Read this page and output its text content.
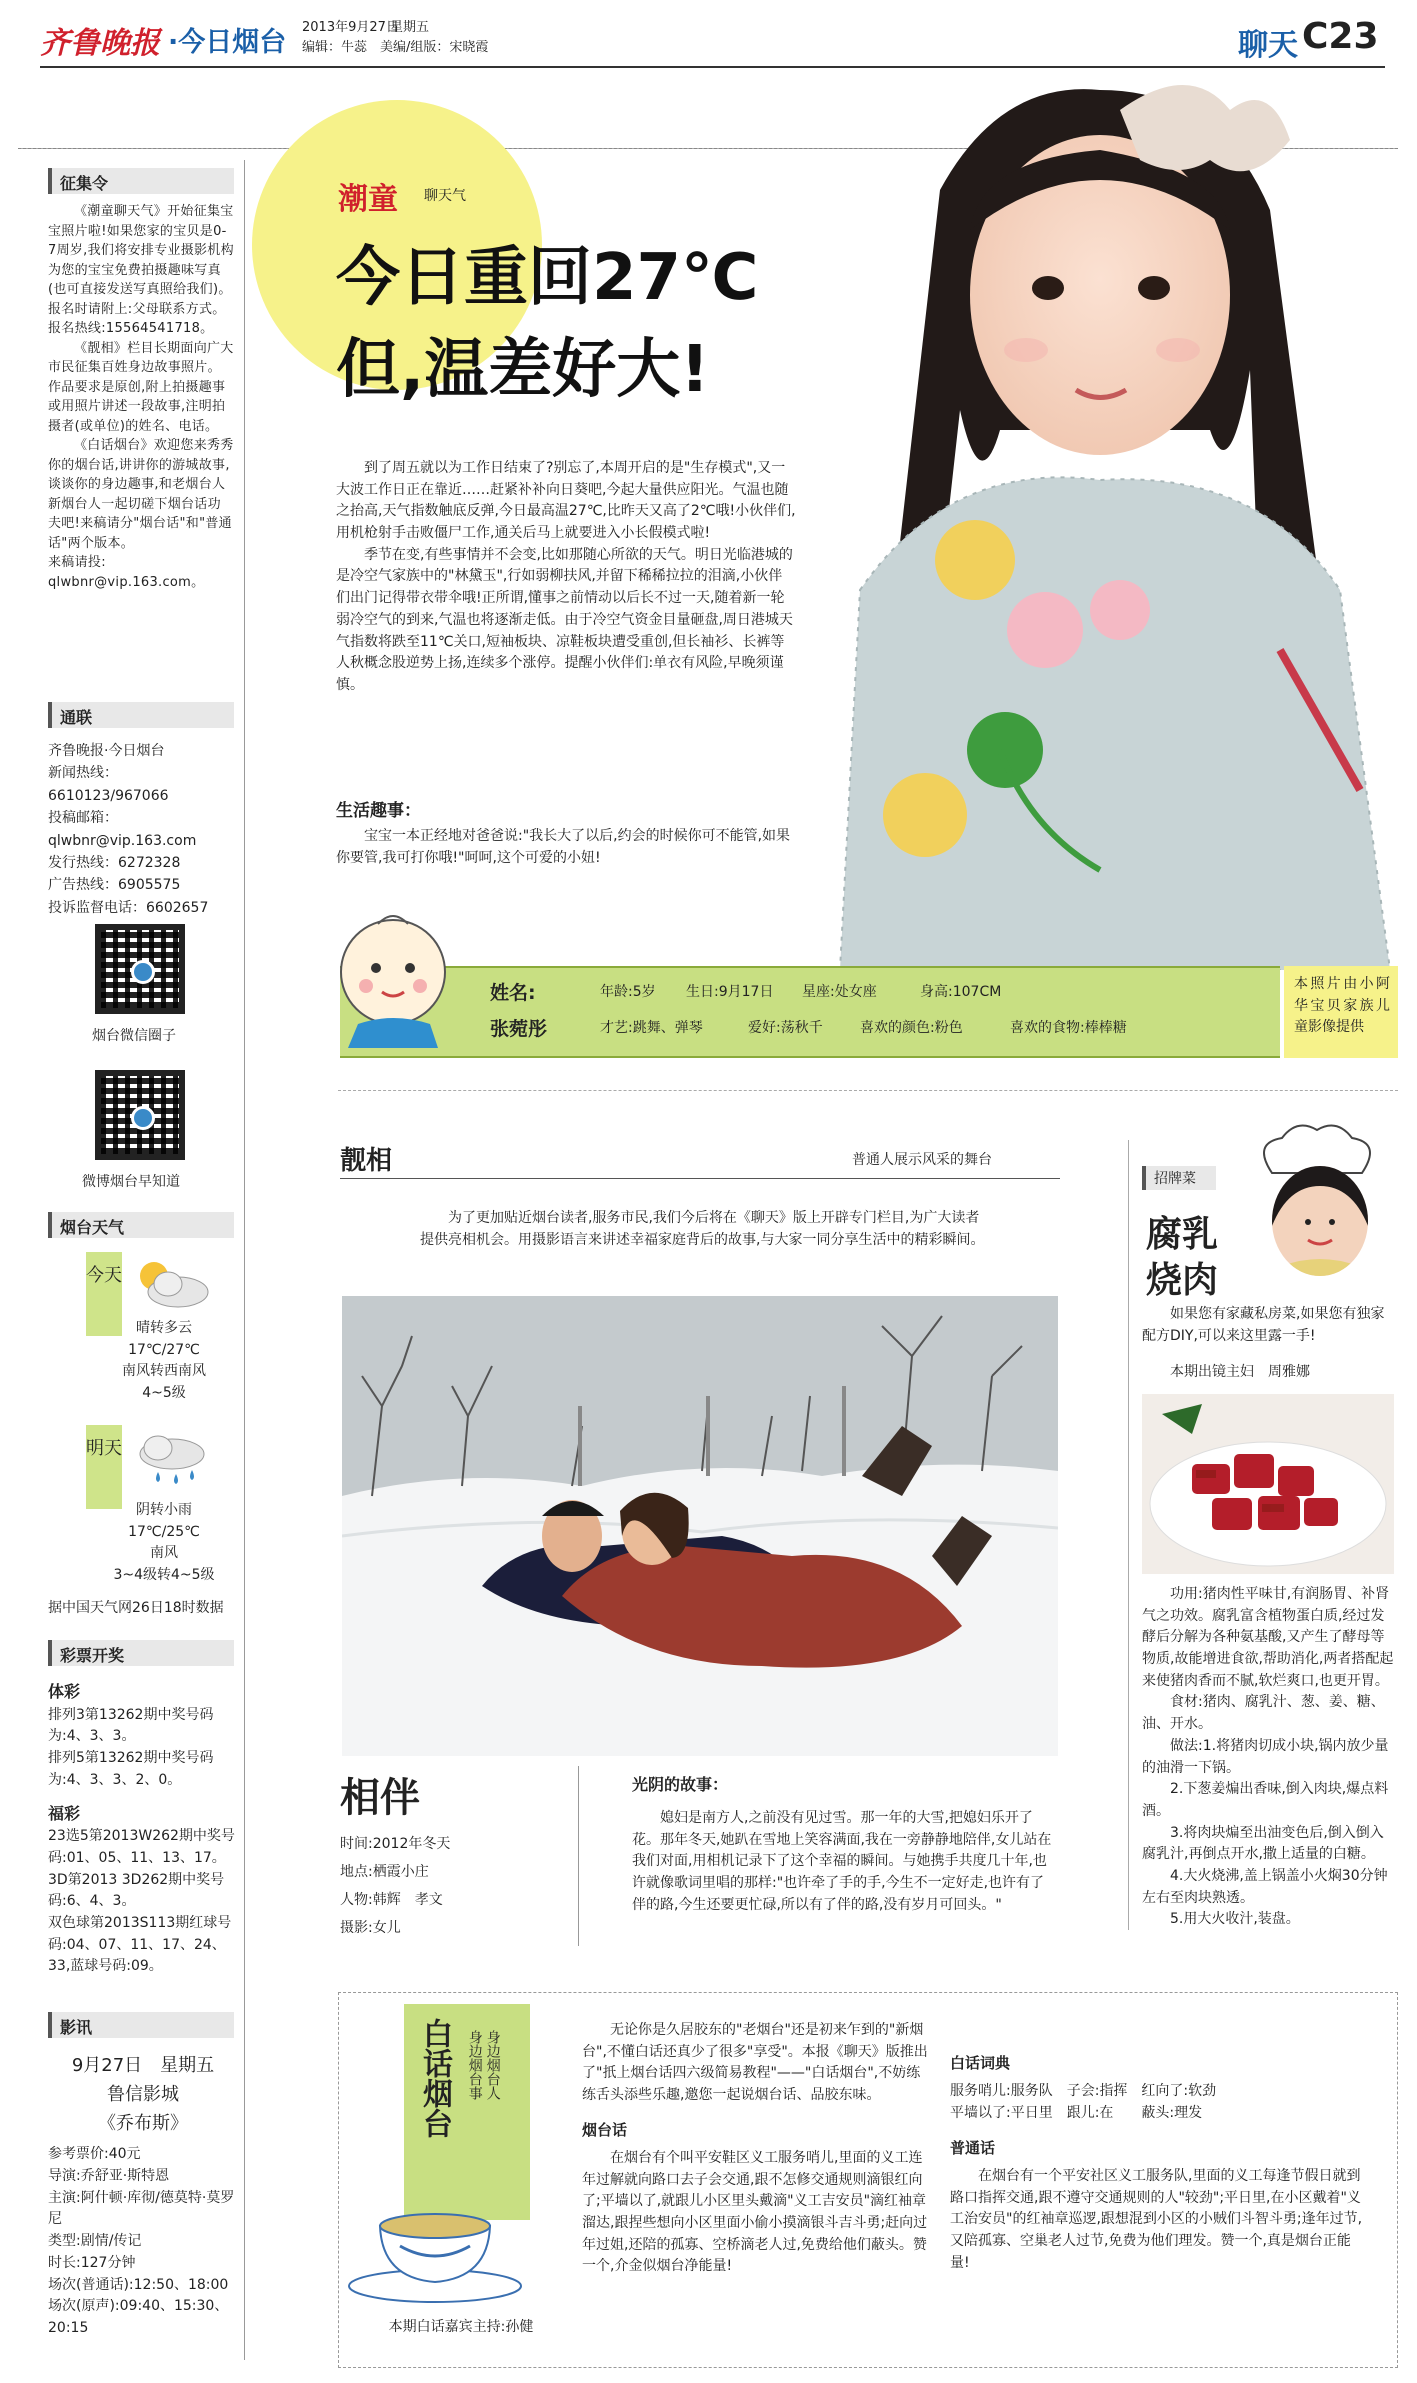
齐鲁晚报 ·今日烟台 2013年9月27日
星期五
编辑：牛蕊　美编/组版：宋晓霞	聊天 C23
征集令

《潮童聊天气》开始征集宝宝照片啦!如果您家的宝贝是0-7周岁,我们将安排专业摄影机构为您的宝宝免费拍摄趣味写真(也可直接发送写真照给我们)。报名时请附上:父母联系方式。报名热线:15564541718。

《靓相》栏目长期面向广大市民征集百姓身边故事照片。作品要求是原创,附上拍摄趣事或用照片讲述一段故事,注明拍摄者(或单位)的姓名、电话。

《白话烟台》欢迎您来秀秀你的烟台话,讲讲你的游城故事,谈谈你的身边趣事,和老烟台人新烟台人一起切磋下烟台话功夫吧!来稿请分"烟台话"和"普通话"两个版本。

来稿请投:

qlwbnr@vip.163.com。

通联

齐鲁晚报·今日烟台

新闻热线：6610123/967066

投稿邮箱：qlwbnr@vip.163.com

发行热线：6272328

广告热线：6905575

投诉监督电话：6602657

烟台微信圈子

微博烟台早知道

烟台天气
今天

晴转多云

17℃/27℃

南风转西南风

4~5级

明天

阴转小雨

17℃/25℃

南风

3~4级转4~5级

据中国天气网26日18时数据

彩票开奖

体彩

排列3第13262期中奖号码为:4、3、3。

排列5第13262期中奖号码为:4、3、3、2、0。

福彩

23选5第2013W262期中奖号码:01、05、11、13、17。

3D第2013 3D262期中奖号码:6、4、3。

双色球第2013S113期红球号码:04、07、11、17、24、33,蓝球号码:09。

影讯

9月27日　星期五

鲁信影城

《乔布斯》

参考票价:40元

导演:乔舒亚·斯特恩

主演:阿什顿·库彻/德莫特·莫罗尼

类型:剧情/传记

时长:127分钟

场次(普通话):12:50、18:00

场次(原声):09:40、15:30、20:15

潮童 聊天气
今日重回27℃
但,温差好大!

到了周五就以为工作日结束了?别忘了,本周开启的是"生存模式",又一大波工作日正在靠近……赶紧补补向日葵吧,今起大量供应阳光。气温也随之抬高,天气指数触底反弹,今日最高温27℃,比昨天又高了2℃哦!小伙伴们,用机枪射手击败僵尸工作,通关后马上就要进入小长假模式啦!

季节在变,有些事情并不会变,比如那随心所欲的天气。明日光临港城的是冷空气家族中的"林黛玉",行如弱柳扶风,并留下稀稀拉拉的泪滴,小伙伴们出门记得带衣带伞哦!正所谓,懂事之前情动以后长不过一天,随着新一轮弱冷空气的到来,气温也将逐渐走低。由于冷空气资金目量砸盘,周日港城天气指数将跌至11℃关口,短袖板块、凉鞋板块遭受重创,但长袖衫、长裤等人秋概念股逆势上扬,连续多个涨停。提醒小伙伴们:单衣有风险,早晚须谨慎。

生活趣事：

宝宝一本正经地对爸爸说:"我长大了以后,约会的时候你可不能管,如果你要管,我可打你哦!"呵呵,这个可爱的小妞!

姓名:
张菀彤
年龄:5岁 生日:9月17日 星座:处女座	身高:107CM
才艺:跳舞、弹琴	爱好:荡秋千	喜欢的颜色:粉色	喜欢的食物:棒棒糖

本照片由小阿华宝贝家族儿童影像提供

靓相	普通人展示风采的舞台

为了更加贴近烟台读者,服务市民,我们今后将在《聊天》版上开辟专门栏目,为广大读者提供亮相机会。用摄影语言来讲述幸福家庭背后的故事,与大家一同分享生活中的精彩瞬间。

相伴

时间:2012年冬天

地点:栖霞小庄

人物:韩辉　孝文

摄影:女儿

光阴的故事：

媳妇是南方人,之前没有见过雪。那一年的大雪,把媳妇乐开了花。那年冬天,她趴在雪地上笑容满面,我在一旁静静地陪伴,女儿站在我们对面,用相机记录下了这个幸福的瞬间。与她携手共度几十年,也许就像歌词里唱的那样:"也许牵了手的手,今生不一定好走,也许有了伴的路,今生还要更忙碌,所以有了伴的路,没有岁月可回头。"

招牌菜
腐乳
烧肉

如果您有家藏私房菜,如果您有独家配方DIY,可以来这里露一手!

本期出镜主妇　周雅娜

功用:猪肉性平味甘,有润肠胃、补肾气之功效。腐乳富含植物蛋白质,经过发酵后分解为各种氨基酸,又产生了酵母等物质,故能增进食欲,帮助消化,两者搭配起来使猪肉香而不腻,软烂爽口,也更开胃。

食材:猪肉、腐乳汁、葱、姜、糖、油、开水。

做法:1.将猪肉切成小块,锅内放少量的油滑一下锅。

2.下葱姜煸出香味,倒入肉块,爆点料酒。

3.将肉块煸至出油变色后,倒入倒入腐乳汁,再倒点开水,撒上适量的白糖。

4.大火烧沸,盖上锅盖小火焖30分钟左右至肉块熟透。

5.用大火收汁,装盘。

白话烟台 身边烟台人
身边烟台事

本期白话嘉宾主持:孙健

无论你是久居胶东的"老烟台"还是初来乍到的"新烟台",不懂白话还真少了很多"享受"。本报《聊天》版推出了"扺上烟台话四六级简易教程"——"白话烟台",不妨练练舌头添些乐趣,邀您一起说烟台话、品胶东味。

烟台话

在烟台有个叫平安鞋区义工服务哨儿,里面的义工连年过解就向路口去子会交通,跟不怎修交通规则滴银红向了;平墙以了,就跟儿小区里头戴滴"义工吉安员"滴红袖章溜达,跟捏些想向小区里面小偷小摸滴银斗吉斗勇;赶向过年过姐,还陪的孤寡、空桥滴老人过,免费给他们蔽头。赞一个,介金似烟台净能量!

白话词典

服务哨儿:服务队　子会:指挥　红向了:软劲

平墙以了:平日里　跟儿:在　　蔽头:理发

普通话

在烟台有一个平安社区义工服务队,里面的义工每逢节假日就到路口指挥交通,跟不遵守交通规则的人"较劲";平日里,在小区戴着"义工治安员"的红袖章巡逻,跟想混到小区的小贼们斗智斗勇;逢年过节,又陪孤寡、空巢老人过节,免费为他们理发。赞一个,真是烟台正能量!
